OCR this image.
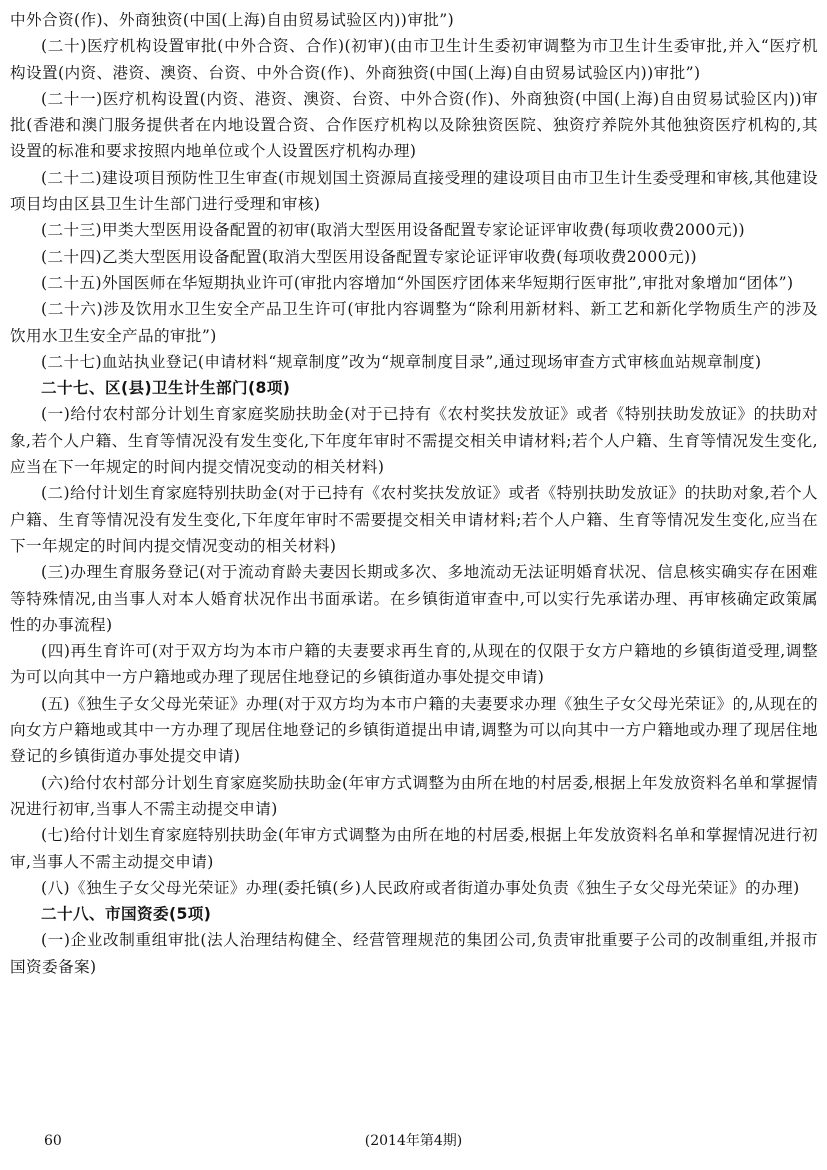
中外合资(作)、外商独资(中国(上海)自由贸易试验区内))审批”)

(二十)医疗机构设置审批(中外合资、合作)(初审)(由市卫生计生委初审调整为市卫生计生委审批,并入“医疗机构设置(内资、港资、澳资、台资、中外合资(作)、外商独资(中国(上海)自由贸易试验区内))审批”)

(二十一)医疗机构设置(内资、港资、澳资、台资、中外合资(作)、外商独资(中国(上海)自由贸易试验区内))审批(香港和澳门服务提供者在内地设置合资、合作医疗机构以及除独资医院、独资疗养院外其他独资医疗机构的,其设置的标准和要求按照内地单位或个人设置医疗机构办理)

(二十二)建设项目预防性卫生审查(市规划国土资源局直接受理的建设项目由市卫生计生委受理和审核,其他建设项目均由区县卫生计生部门进行受理和审核)

(二十三)甲类大型医用设备配置的初审(取消大型医用设备配置专家论证评审收费(每项收费2000元))

(二十四)乙类大型医用设备配置(取消大型医用设备配置专家论证评审收费(每项收费2000元))

(二十五)外国医师在华短期执业许可(审批内容增加“外国医疗团体来华短期行医审批”,审批对象增加“团体”)

(二十六)涉及饮用水卫生安全产品卫生许可(审批内容调整为“除利用新材料、新工艺和新化学物质生产的涉及饮用水卫生安全产品的审批”)

(二十七)血站执业登记(申请材料“规章制度”改为“规章制度目录”,通过现场审查方式审核血站规章制度)

二十七、区(县)卫生计生部门(8项)

(一)给付农村部分计划生育家庭奖励扶助金(对于已持有《农村奖扶发放证》或者《特别扶助发放证》的扶助对象,若个人户籍、生育等情况没有发生变化,下年度年审时不需提交相关申请材料;若个人户籍、生育等情况发生变化,应当在下一年规定的时间内提交情况变动的相关材料)

(二)给付计划生育家庭特别扶助金(对于已持有《农村奖扶发放证》或者《特别扶助发放证》的扶助对象,若个人户籍、生育等情况没有发生变化,下年度年审时不需要提交相关申请材料;若个人户籍、生育等情况发生变化,应当在下一年规定的时间内提交情况变动的相关材料)

(三)办理生育服务登记(对于流动育龄夫妻因长期或多次、多地流动无法证明婚育状况、信息核实确实存在困难等特殊情况,由当事人对本人婚育状况作出书面承诺。在乡镇街道审查中,可以实行先承诺办理、再审核确定政策属性的办事流程)

(四)再生育许可(对于双方均为本市户籍的夫妻要求再生育的,从现在的仅限于女方户籍地的乡镇街道受理,调整为可以向其中一方户籍地或办理了现居住地登记的乡镇街道办事处提交申请)

(五)《独生子女父母光荣证》办理(对于双方均为本市户籍的夫妻要求办理《独生子女父母光荣证》的,从现在的向女方户籍地或其中一方办理了现居住地登记的乡镇街道提出申请,调整为可以向其中一方户籍地或办理了现居住地登记的乡镇街道办事处提交申请)

(六)给付农村部分计划生育家庭奖励扶助金(年审方式调整为由所在地的村居委,根据上年发放资料名单和掌握情况进行初审,当事人不需主动提交申请)

(七)给付计划生育家庭特别扶助金(年审方式调整为由所在地的村居委,根据上年发放资料名单和掌握情况进行初审,当事人不需主动提交申请)

(八)《独生子女父母光荣证》办理(委托镇(乡)人民政府或者街道办事处负责《独生子女父母光荣证》的办理)

二十八、市国资委(5项)

(一)企业改制重组审批(法人治理结构健全、经营管理规范的集团公司,负责审批重要子公司的改制重组,并报市国资委备案)

60	(2014年第4期)
